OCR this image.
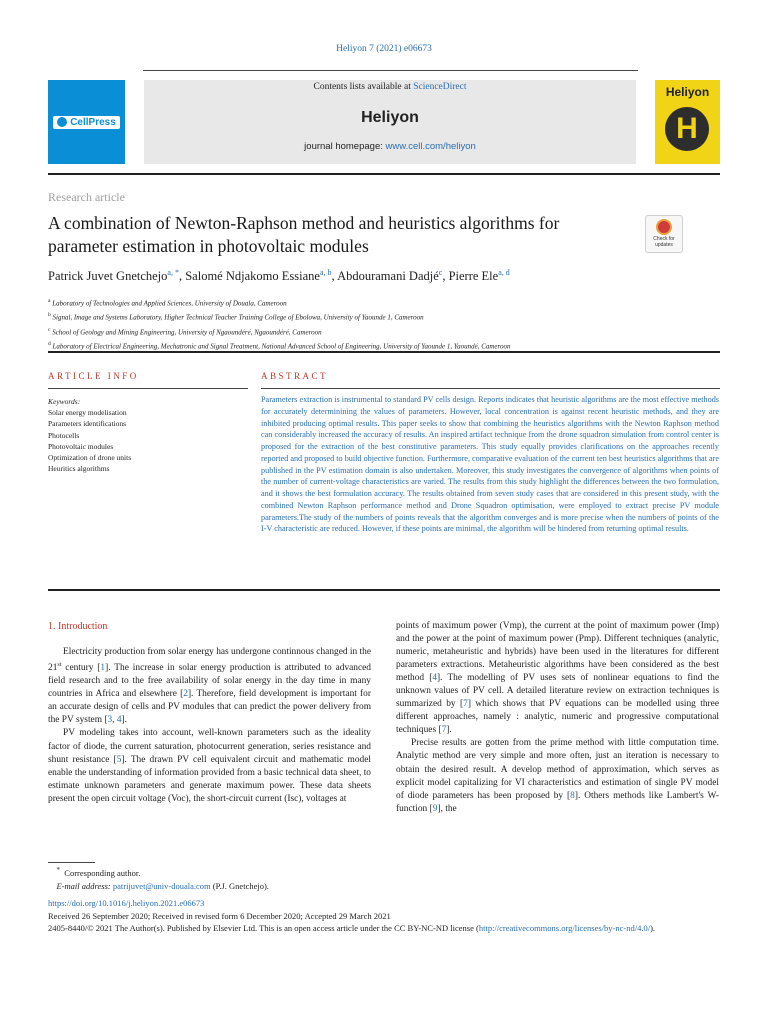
Heliyon 7 (2021) e06673
CellPress
Contents lists available at ScienceDirect
Heliyon
journal homepage: www.cell.com/heliyon
Heliyon
H
Research article
A combination of Newton-Raphson method and heuristics algorithms for parameter estimation in photovoltaic modules	Check for updates
Patrick Juvet Gnetchejo$^{a, *}$, Salomé Ndjakomo Essiane$^{a, b}$, Abdouramani Dadjé$^c$, Pierre Ele$^{a, d}$
$^a$ Laboratory of Technologies and Applied Sciences, University of Douala, Cameroon
$^b$ Signal, Image and Systems Laboratory, Higher Technical Teacher Training College of Ebolowa, University of Yaounde 1, Cameroon
$^c$ School of Geology and Mining Engineering, University of Ngaoundéré, Ngaoundéré, Cameroon
$^d$ Laboratory of Electrical Engineering, Mechatronic and Signal Treatment, National Advanced School of Engineering, University of Yaounde 1, Yaoundé, Cameroon
ARTICLE INFO	ABSTRACT
Keywords:
Solar energy modelisation
Parameters identifications
Photocells
Photovoltaic modules
Optimization of drone units
Heuritics algorithms
Parameters extraction is instrumental to standard PV cells design. Reports indicates that heuristic algorithms are the most effective methods for accurately determinining the values of parameters. However, local concentration is against recent heuristic methods, and they are inhibited producing optimal results. This paper seeks to show that combining the heuristics algorithms with the Newton Raphson method can considerably increased the accuracy of results. An inspired artifact technique from the drone squadron simulation from control center is proposed for the extraction of the best constitutive parameters. This study equally provides clarifications on the approaches recently reported and proposed to build objective function. Furthermore, comparative evaluation of the current ten best heuristics algorithms that are published in the PV estimation domain is also undertaken. Moreover, this study investigates the convergence of algorithms when points of the number of current-voltage characteristics are varied. The results from this study highlight the differences between the two formulation, and it shows the best formulation accuracy. The results obtained from seven study cases that are considered in this present study, with the combined Newton Raphson performance method and Drone Squadron optimisation, were employed to extract precise PV module parameters.The study of the numbers of points reveals that the algorithm converges and is more precise when the numbers of points of the I-V characteristic are reduced. However, if these points are minimal, the algorithm will be hindered from returning optimal results.
1. Introduction

Electricity production from solar energy has undergone continnous changed in the 21st century [1]. The increase in solar energy production is attributed to advanced field research and to the free availability of solar energy in the day time in many countries in Africa and elsewhere [2]. Therefore, field development is important for an accurate design of cells and PV modules that can predict the power delivery from the PV system [3, 4].

PV modeling takes into account, well-known parameters such as the ideality factor of diode, the current saturation, photocurrent generation, series resistance and shunt resistance [5]. The drawn PV cell equivalent circuit and mathematic model enable the understanding of information provided from a basic technical data sheet, to estimate unknown parameters and generate maximum power. These data sheets present the open circuit voltage (Voc), the short-circuit current (Isc), voltages at

points of maximum power (Vmp), the current at the point of maximum power (Imp) and the power at the point of maximum power (Pmp). Different techniques (analytic, numeric, metaheuristic and hybrids) have been used in the literatures for different parameters extractions. Metaheuristic algorithms have been considered as the best method [4]. The modelling of PV uses sets of nonlinear equations to find the unknown values of PV cell. A detailed literature review on extraction techniques is summarized by [7] which shows that PV equations can be modelled using three different approaches, namely : analytic, numeric and progressive computational techniques [7].

Precise results are gotten from the prime method with little computation time. Analytic method are very simple and more often, just an iteration is necessary to obtain the desired result. A develop method of approximation, which serves as explicit model capitalizing for VI characteristics and estimation of single PV model of diode parameters has been proposed by [8]. Others methods like Lambert's W-function [9], the

* Corresponding author.
E-mail address: patrijuvet@univ-douala.com (P.J. Gnetchejo).
https://doi.org/10.1016/j.heliyon.2021.e06673
Received 26 September 2020; Received in revised form 6 December 2020; Accepted 29 March 2021
2405-8440/© 2021 The Author(s). Published by Elsevier Ltd. This is an open access article under the CC BY-NC-ND license (http://creativecommons.org/licenses/by-nc-nd/4.0/).
